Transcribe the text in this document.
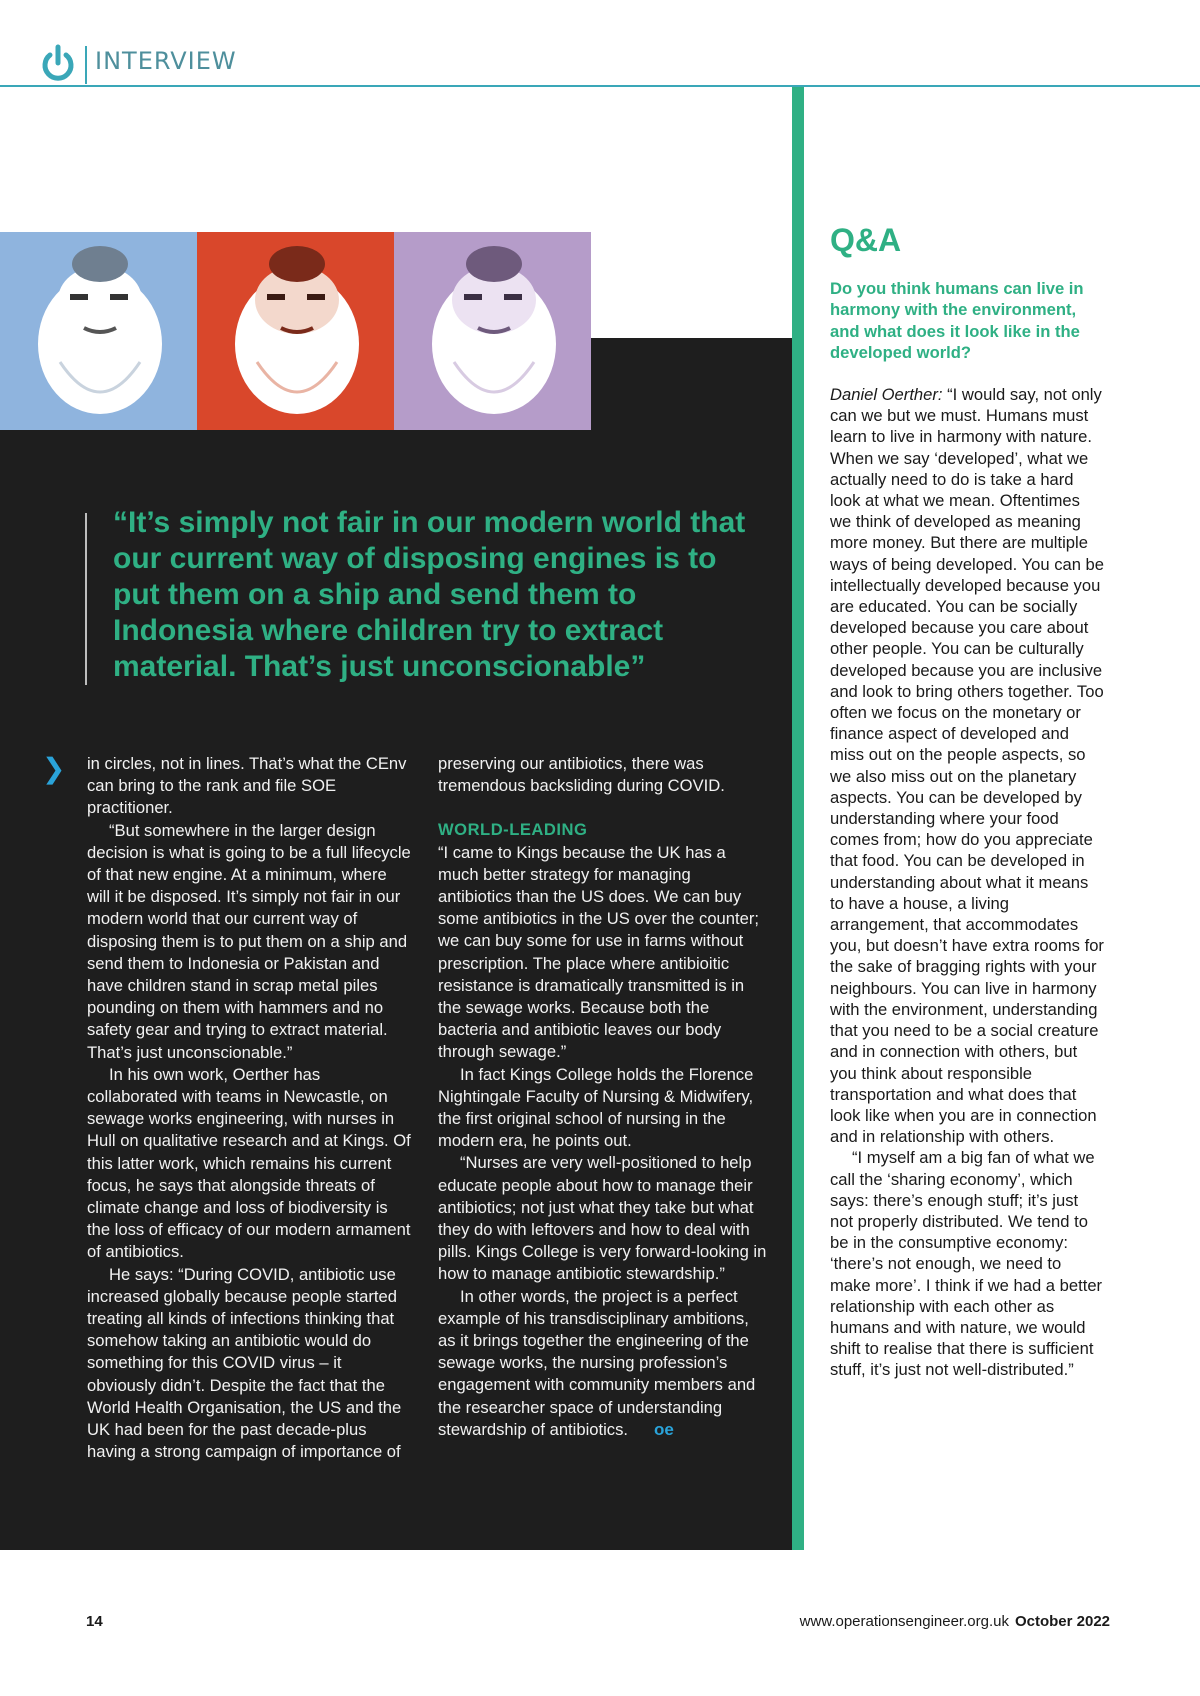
INTERVIEW
“It’s simply not fair in our modern world that our current way of disposing engines is to put them on a ship and send them to Indonesia where children try to extract material. That’s just unconscionable”
❯ in circles, not in lines. That’s what the CEnv can bring to the rank and file SOE practitioner.

“But somewhere in the larger design decision is what is going to be a full lifecycle of that new engine. At a minimum, where will it be disposed. It’s simply not fair in our modern world that our current way of disposing them is to put them on a ship and send them to Indonesia or Pakistan and have children stand in scrap metal piles pounding on them with hammers and no safety gear and trying to extract material. That’s just unconscionable.”

In his own work, Oerther has collaborated with teams in Newcastle, on sewage works engineering, with nurses in Hull on qualitative research and at Kings. Of this latter work, which remains his current focus, he says that alongside threats of climate change and loss of biodiversity is the loss of efficacy of our modern armament of antibiotics.

He says: “During COVID, antibiotic use increased globally because people started treating all kinds of infections thinking that somehow taking an antibiotic would do something for this COVID virus – it obviously didn’t. Despite the fact that the World Health Organisation, the US and the UK had been for the past decade-plus having a strong campaign of importance of

preserving our antibiotics, there was tremendous backsliding during COVID.

WORLD-LEADING

“I came to Kings because the UK has a much better strategy for managing antibiotics than the US does. We can buy some antibiotics in the US over the counter; we can buy some for use in farms without prescription. The place where antibioitic resistance is dramatically transmitted is in the sewage works. Because both the bacteria and antibiotic leaves our body through sewage.”

In fact Kings College holds the Florence Nightingale Faculty of Nursing & Midwifery, the first original school of nursing in the modern era, he points out.

“Nurses are very well-positioned to help educate people about how to manage their antibiotics; not just what they take but what they do with leftovers and how to deal with pills. Kings College is very forward-looking in how to manage antibiotic stewardship.”

In other words, the project is a perfect example of his transdisciplinary ambitions, as it brings together the engineering of the sewage works, the nursing profession’s engagement with community members and the researcher space of understanding stewardship of antibiotics. oe

Q&A
Do you think humans can live in harmony with the environment, and what does it look like in the developed world?

Daniel Oerther: “I would say, not only can we but we must. Humans must learn to live in harmony with nature. When we say ‘developed’, what we actually need to do is take a hard look at what we mean. Oftentimes we think of developed as meaning more money. But there are multiple ways of being developed. You can be intellectually developed because you are educated. You can be socially developed because you care about other people. You can be culturally developed because you are inclusive and look to bring others together. Too often we focus on the monetary or finance aspect of developed and miss out on the people aspects, so we also miss out on the planetary aspects. You can be developed by understanding where your food comes from; how do you appreciate that food. You can be developed in understanding about what it means to have a house, a living arrangement, that accommodates you, but doesn’t have extra rooms for the sake of bragging rights with your neighbours. You can live in harmony with the environment, understanding that you need to be a social creature and in connection with others, but you think about responsible transportation and what does that look like when you are in connection and in relationship with others.

“I myself am a big fan of what we call the ‘sharing economy’, which says: there’s enough stuff; it’s just not properly distributed. We tend to be in the consumptive economy: ‘there’s not enough, we need to make more’. I think if we had a better relationship with each other as humans and with nature, we would shift to realise that there is sufficient stuff, it’s just not well-distributed.”

14	www.operationsengineer.org.uk October 2022
